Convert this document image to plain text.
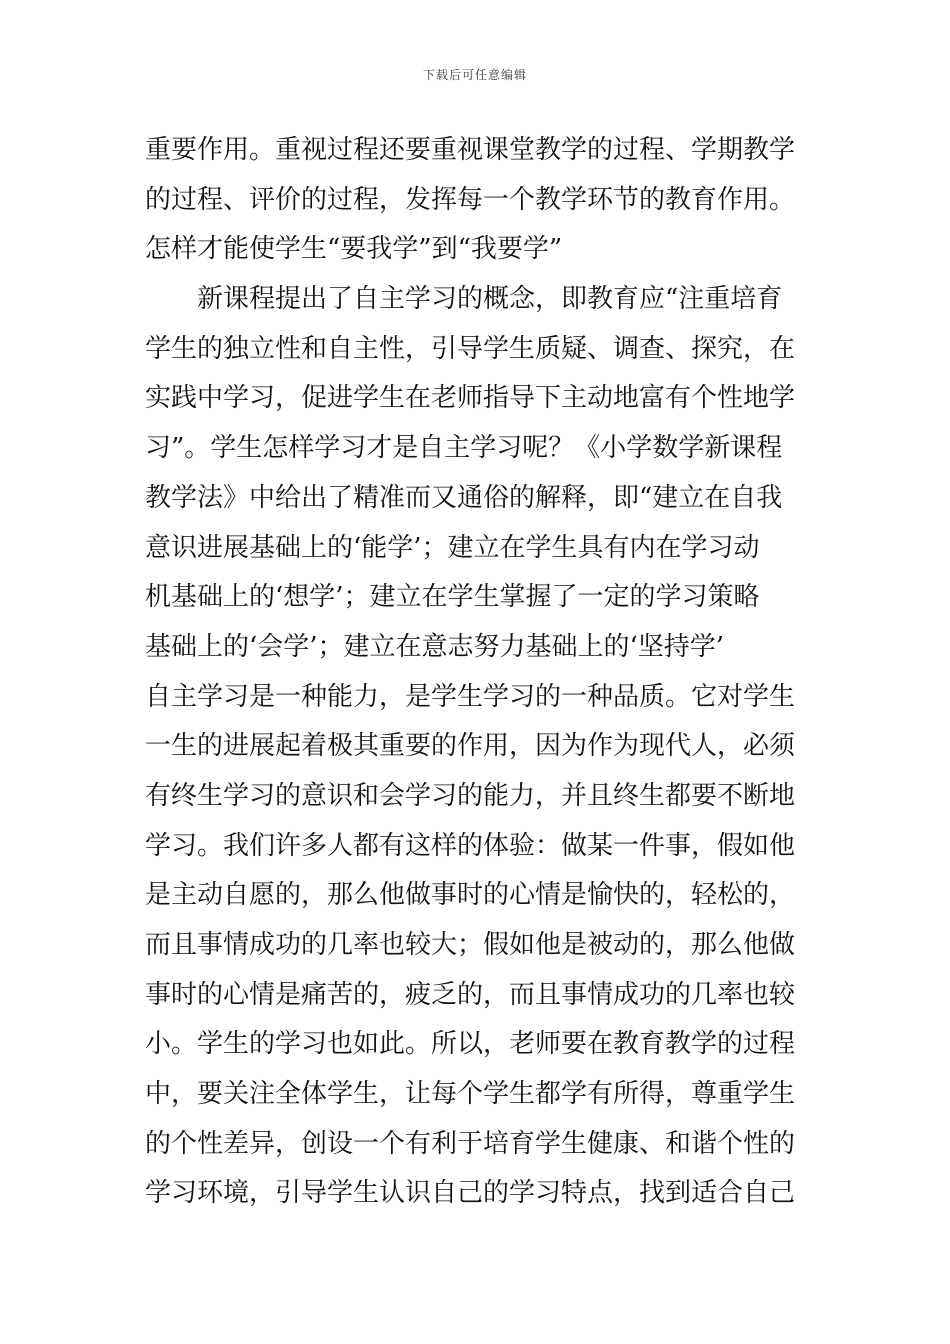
下载后可任意编辑
重要作用。重视过程还要重视课堂教学的过程、学期教学
的过程、评价的过程，发挥每一个教学环节的教育作用。
怎样才能使学生“要我学”到“我要学”
新课程提出了自主学习的概念，即教育应“注重培育
学生的独立性和自主性，引导学生质疑、调查、探究，在
实践中学习，促进学生在老师指导下主动地富有个性地学
习”。学生怎样学习才是自主学习呢？《小学数学新课程
教学法》中给出了精准而又通俗的解释，即“建立在自我
意识进展基础上的‘能学’；建立在学生具有内在学习动
机基础上的‘想学’；建立在学生掌握了一定的学习策略
基础上的‘会学’；建立在意志努力基础上的‘坚持学’
自主学习是一种能力，是学生学习的一种品质。它对学生
一生的进展起着极其重要的作用，因为作为现代人，必须
有终生学习的意识和会学习的能力，并且终生都要不断地
学习。我们许多人都有这样的体验：做某一件事，假如他
是主动自愿的，那么他做事时的心情是愉快的，轻松的，
而且事情成功的几率也较大；假如他是被动的，那么他做
事时的心情是痛苦的，疲乏的，而且事情成功的几率也较
小。学生的学习也如此。所以，老师要在教育教学的过程
中，要关注全体学生，让每个学生都学有所得，尊重学生
的个性差异，创设一个有利于培育学生健康、和谐个性的
学习环境，引导学生认识自己的学习特点，找到适合自己
